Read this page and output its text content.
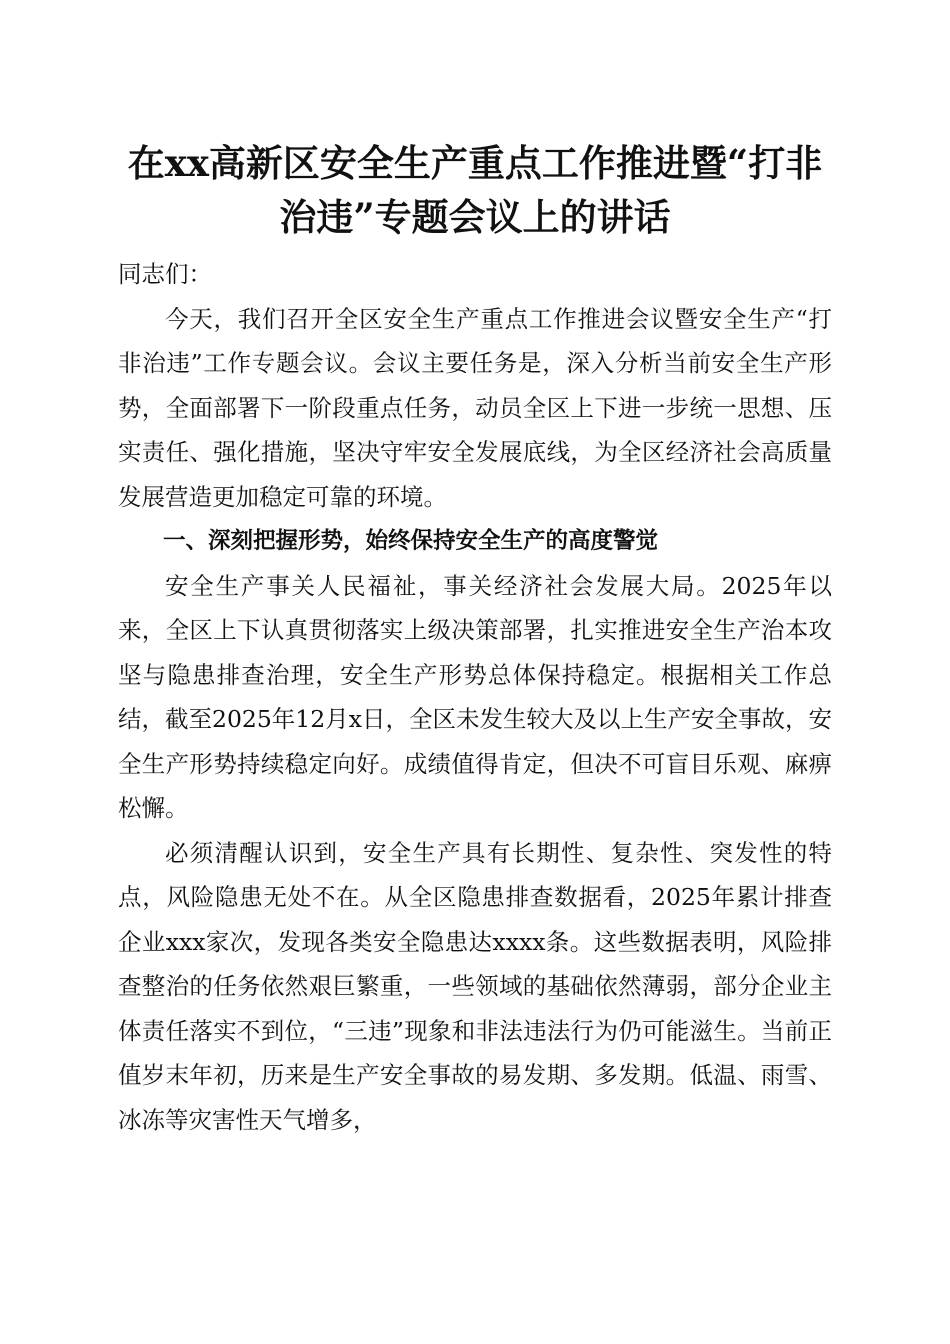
在xx高新区安全生产重点工作推进暨“打非
治违”专题会议上的讲话

同志们：

今天，我们召开全区安全生产重点工作推进会议暨安全生产“打非治违”工作专题会议。会议主要任务是，深入分析当前安全生产形势，全面部署下一阶段重点任务，动员全区上下进一步统一思想、压实责任、强化措施，坚决守牢安全发展底线，为全区经济社会高质量发展营造更加稳定可靠的环境。

一、深刻把握形势，始终保持安全生产的高度警觉

安全生产事关人民福祉，事关经济社会发展大局。2025年以来，全区上下认真贯彻落实上级决策部署，扎实推进安全生产治本攻坚与隐患排查治理，安全生产形势总体保持稳定。根据相关工作总结，截至2025年12月x日，全区未发生较大及以上生产安全事故，安全生产形势持续稳定向好。成绩值得肯定，但决不可盲目乐观、麻痹松懈。

必须清醒认识到，安全生产具有长期性、复杂性、突发性的特点，风险隐患无处不在。从全区隐患排查数据看，2025年累计排查企业xxx家次，发现各类安全隐患达xxxx条。这些数据表明，风险排查整治的任务依然艰巨繁重，一些领域的基础依然薄弱，部分企业主体责任落实不到位，“三违”现象和非法违法行为仍可能滋生。当前正值岁末年初，历来是生产安全事故的易发期、多发期。低温、雨雪、冰冻等灾害性天气增多，
